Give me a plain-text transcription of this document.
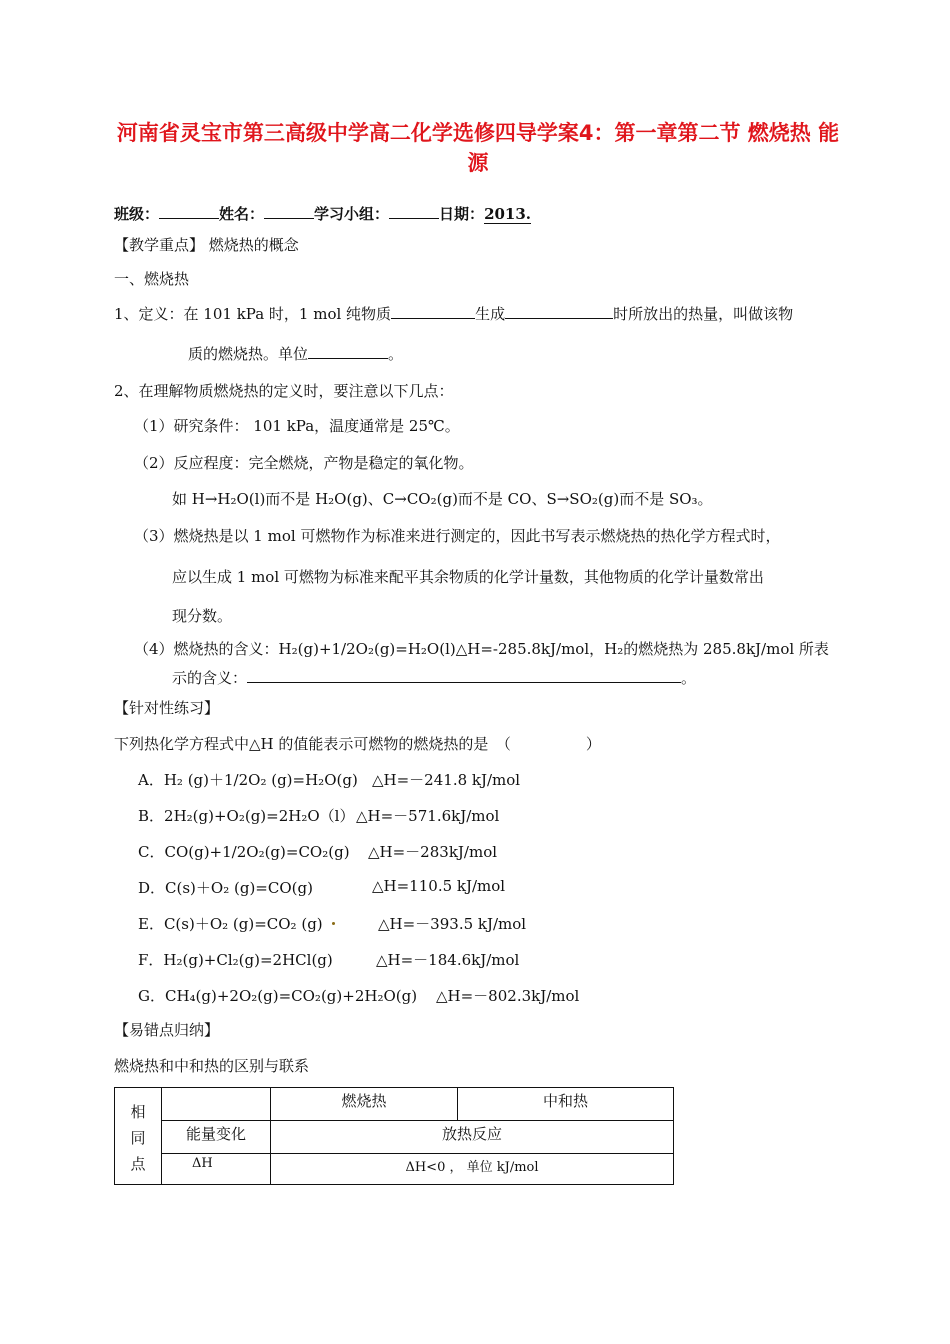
河南省灵宝市第三高级中学高二化学选修四导学案4：第一章第二节 燃烧热 能源
班级：	姓名：	学习小组：	日期：2013.
【教学重点】 燃烧热的概念
一、燃烧热
1、定义：在 101 kPa 时，1 mol 纯物质	生成	时所放出的热量，叫做该物
质的燃烧热。单位	。
2、在理解物质燃烧热的定义时，要注意以下几点：
（1）研究条件： 101 kPa，温度通常是 25℃。
（2）反应程度：完全燃烧，产物是稳定的氧化物。
如 H→H₂O(l)而不是 H₂O(g)、C→CO₂(g)而不是 CO、S→SO₂(g)而不是 SO₃。
（3）燃烧热是以 1 mol 可燃物作为标准来进行测定的，因此书写表示燃烧热的热化学方程式时，
应以生成 1 mol 可燃物为标准来配平其余物质的化学计量数，其他物质的化学计量数常出
现分数。
（4）燃烧热的含义：H₂(g)+1/2O₂(g)=H₂O(l)△H=-285.8kJ/mol，H₂的燃烧热为 285.8kJ/mol 所表
示的含义：	。
【针对性练习】
下列热化学方程式中△H 的值能表示可燃物的燃烧热的是　（　　　　　）
A．H₂ (g)＋1/2O₂ (g)=H₂O(g) △H=－241.8 kJ/mol
B．2H₂(g)+O₂(g)=2H₂O（l） △H=－571.6kJ/mol
C．CO(g)+1/2O₂(g)=CO₂(g) △H=－283kJ/mol
D．C(s)＋O₂ (g)=CO(g)	△H=110.5 kJ/mol
E．C(s)＋O₂ (g)=CO₂ (g)	△H=－393.5 kJ/mol
F．H₂(g)+Cl₂(g)=2HCl(g)	△H=－184.6kJ/mol
G．CH₄(g)+2O₂(g)=CO₂(g)+2H₂O(g) △H=－802.3kJ/mol
【易错点归纳】
燃烧热和中和热的区别与联系
相
同
点		燃烧热	中和热
	能量变化	放热反应	
	ΔH	ΔH<0 ， 单位 kJ/mol	
